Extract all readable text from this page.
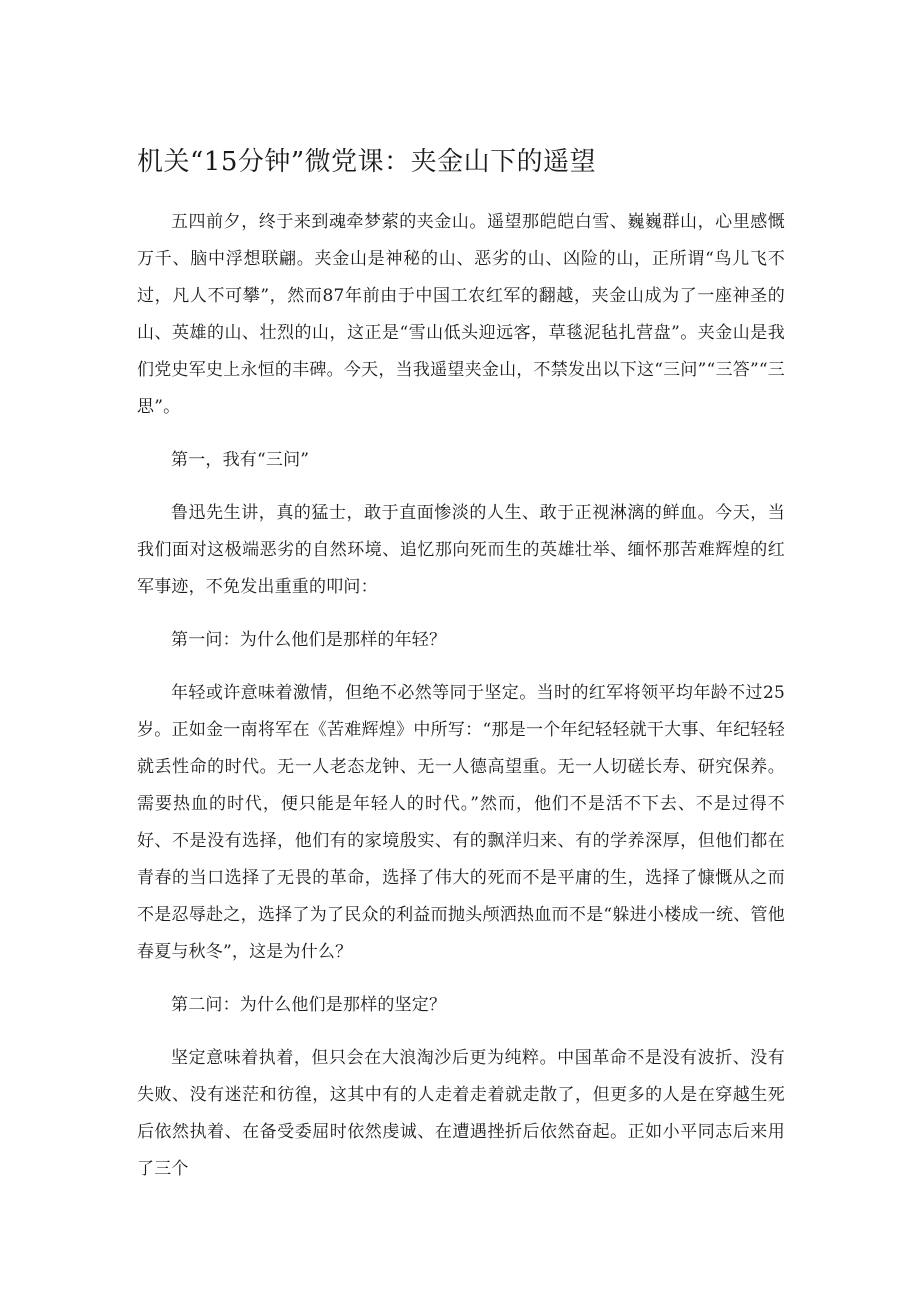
机关“15分钟”微党课：夹金山下的遥望

五四前夕，终于来到魂牵梦萦的夹金山。遥望那皑皑白雪、巍巍群山，心里感慨万千、脑中浮想联翩。夹金山是神秘的山、恶劣的山、凶险的山，正所谓“鸟儿飞不过，凡人不可攀”，然而87年前由于中国工农红军的翻越，夹金山成为了一座神圣的山、英雄的山、壮烈的山，这正是“雪山低头迎远客，草毯泥毡扎营盘”。夹金山是我们党史军史上永恒的丰碑。今天，当我遥望夹金山，不禁发出以下这“三问”“三答”“三思”。

第一，我有“三问”

鲁迅先生讲，真的猛士，敢于直面惨淡的人生、敢于正视淋漓的鲜血。今天，当我们面对这极端恶劣的自然环境、追忆那向死而生的英雄壮举、缅怀那苦难辉煌的红军事迹，不免发出重重的叩问：

第一问：为什么他们是那样的年轻？

年轻或许意味着激情，但绝不必然等同于坚定。当时的红军将领平均年龄不过25岁。正如金一南将军在《苦难辉煌》中所写：“那是一个年纪轻轻就干大事、年纪轻轻就丢性命的时代。无一人老态龙钟、无一人德高望重。无一人切磋长寿、研究保养。需要热血的时代，便只能是年轻人的时代。”然而，他们不是活不下去、不是过得不好、不是没有选择，他们有的家境殷实、有的飘洋归来、有的学养深厚，但他们都在青春的当口选择了无畏的革命，选择了伟大的死而不是平庸的生，选择了慷慨从之而不是忍辱赴之，选择了为了民众的利益而抛头颅洒热血而不是“躲进小楼成一统、管他春夏与秋冬”，这是为什么？

第二问：为什么他们是那样的坚定？

坚定意味着执着，但只会在大浪淘沙后更为纯粹。中国革命不是没有波折、没有失败、没有迷茫和彷徨，这其中有的人走着走着就走散了，但更多的人是在穿越生死后依然执着、在备受委屈时依然虔诚、在遭遇挫折后依然奋起。正如小平同志后来用了三个
